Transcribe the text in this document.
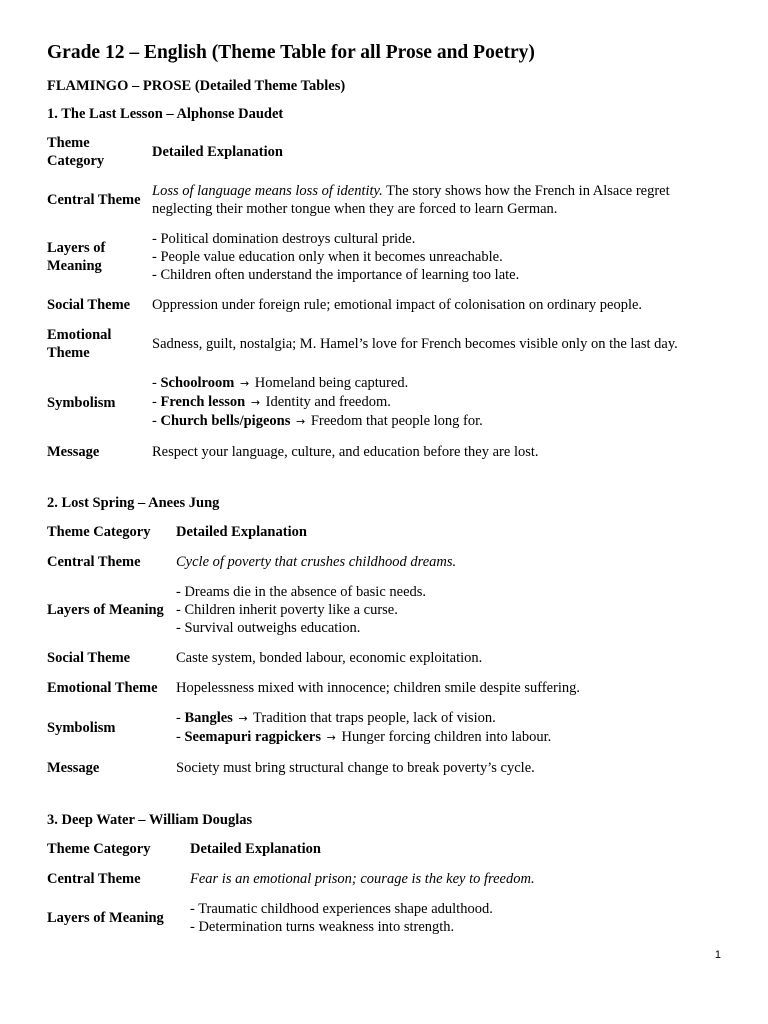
Grade 12 – English (Theme Table for all Prose and Poetry)
FLAMINGO – PROSE (Detailed Theme Tables)
1. The Last Lesson – Alphonse Daudet
Theme Category	Detailed Explanation
Central Theme	Loss of language means loss of identity. The story shows how the French in Alsace regret neglecting their mother tongue when they are forced to learn German.
Layers of Meaning	- Political domination destroys cultural pride.
- People value education only when it becomes unreachable.
- Children often understand the importance of learning too late.

Social Theme	Oppression under foreign rule; emotional impact of colonisation on ordinary people.
Emotional Theme	Sadness, guilt, nostalgia; M. Hamel’s love for French becomes visible only on the last day.
Symbolism	- Schoolroom → Homeland being captured.
- French lesson → Identity and freedom.
- Church bells/pigeons → Freedom that people long for.

Message	Respect your language, culture, and education before they are lost.
2. Lost Spring – Anees Jung
Theme Category	Detailed Explanation
Central Theme	Cycle of poverty that crushes childhood dreams.
Layers of Meaning	- Dreams die in the absence of basic needs.
- Children inherit poverty like a curse.
- Survival outweighs education.

Social Theme	Caste system, bonded labour, economic exploitation.
Emotional Theme	Hopelessness mixed with innocence; children smile despite suffering.
Symbolism	- Bangles → Tradition that traps people, lack of vision.
- Seemapuri ragpickers → Hunger forcing children into labour.

Message	Society must bring structural change to break poverty’s cycle.
3. Deep Water – William Douglas
Theme Category	Detailed Explanation
Central Theme	Fear is an emotional prison; courage is the key to freedom.
Layers of Meaning	- Traumatic childhood experiences shape adulthood.
- Determination turns weakness into strength.
1
